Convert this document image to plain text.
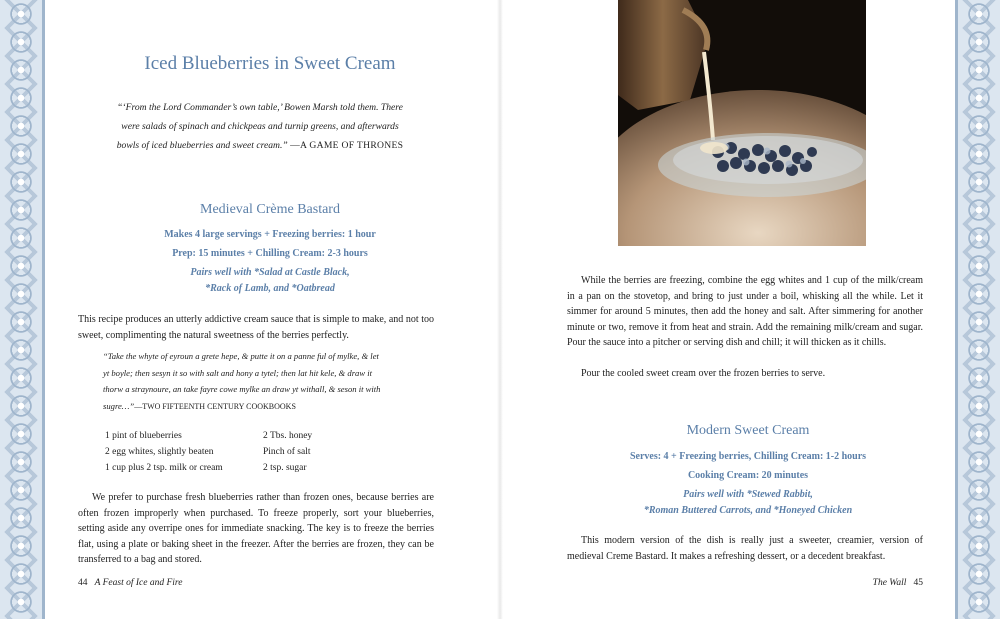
Iced Blueberries in Sweet Cream
“‘From the Lord Commander’s own table,’ Bowen Marsh told them. There
were salads of spinach and chickpeas and turnip greens, and afterwards
bowls of iced blueberries and sweet cream.” —A GAME OF THRONES
Medieval Crème Bastard
Makes 4 large servings + Freezing berries: 1 hour
Prep: 15 minutes + Chilling Cream: 2-3 hours
Pairs well with *Salad at Castle Black,
*Rack of Lamb, and *Oatbread
This recipe produces an utterly addictive cream sauce that is simple to make, and not too sweet, complimenting the natural sweetness of the berries perfectly.
“Take the whyte of eyroun a grete hepe, & putte it on a panne ful of mylke, & let
yt boyle; then sesyn it so with salt and hony a tytel; then lat hit kele, & draw it
thorw a straynoure, an take fayre cowe mylke an draw yt withall, & seson it with
sugre…”—TWO FIFTEENTH CENTURY COOKBOOKS
1 pint of blueberries	2 Tbs. honey
2 egg whites, slightly beaten	Pinch of salt
1 cup plus 2 tsp. milk or cream	2 tsp. sugar
We prefer to purchase fresh blueberries rather than frozen ones, because berries are often frozen improperly when purchased. To freeze properly, sort your blueberries, setting aside any overripe ones for immediate snacking. The key is to freeze the berries flat, using a plate or baking sheet in the freezer. After the berries are frozen, they can be transferred to a bag and stored.
44 A Feast of Ice and Fire
While the berries are freezing, combine the egg whites and 1 cup of the milk/cream in a pan on the stovetop, and bring to just under a boil, whisking all the while. Let it simmer for around 5 minutes, then add the honey and salt. After simmering for another minute or two, remove it from heat and strain. Add the remaining milk/cream and sugar. Pour the sauce into a pitcher or serving dish and chill; it will thicken as it chills.
Pour the cooled sweet cream over the frozen berries to serve.
Modern Sweet Cream
Serves: 4 + Freezing berries, Chilling Cream: 1-2 hours
Cooking Cream: 20 minutes
Pairs well with *Stewed Rabbit,
*Roman Buttered Carrots, and *Honeyed Chicken
This modern version of the dish is really just a sweeter, creamier, version of medieval Creme Bastard. It makes a refreshing dessert, or a decedent breakfast.
The Wall 45
